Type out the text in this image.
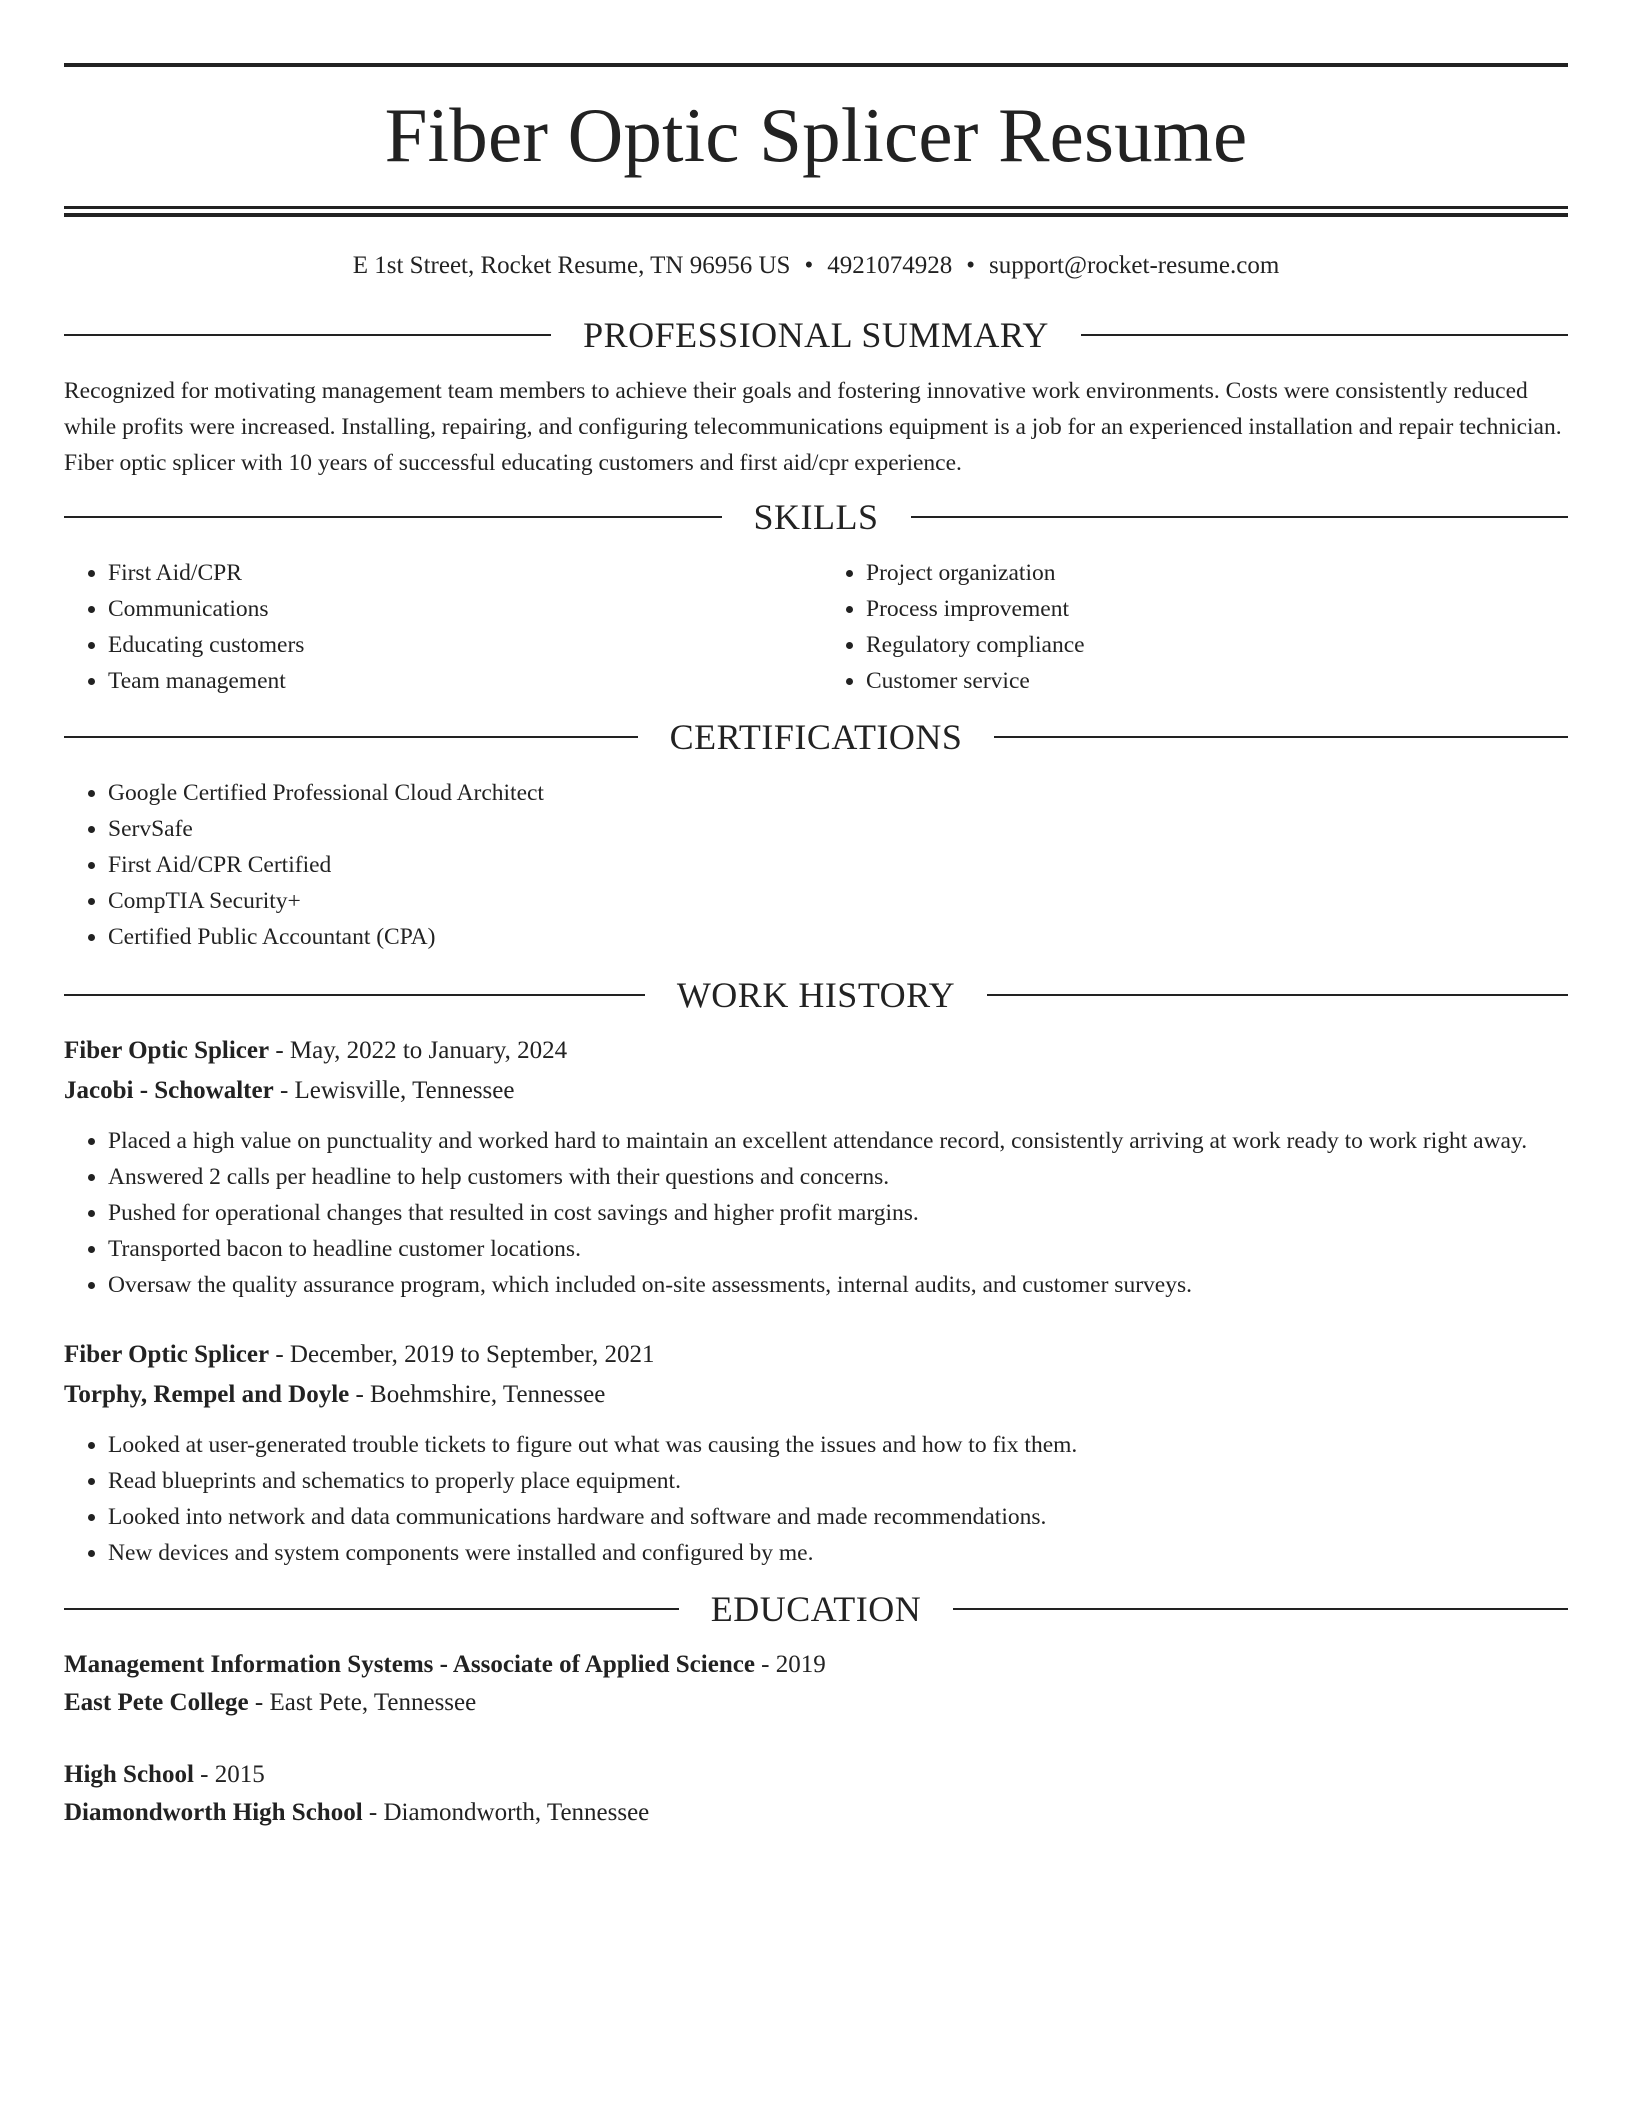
Fiber Optic Splicer Resume
E 1st Street, Rocket Resume, TN 96956 US • 4921074928 • support@rocket-resume.com
PROFESSIONAL SUMMARY

Recognized for motivating management team members to achieve their goals and fostering innovative work environments. Costs were consistently reduced while profits were increased. Installing, repairing, and configuring telecommunications equipment is a job for an experienced installation and repair technician. Fiber optic splicer with 10 years of successful educating customers and first aid/cpr experience.

SKILLS
• First Aid/CPR
• Communications
• Educating customers
• Team management
• Project organization
• Process improvement
• Regulatory compliance
• Customer service
CERTIFICATIONS
• Google Certified Professional Cloud Architect
• ServSafe
• First Aid/CPR Certified
• CompTIA Security+
• Certified Public Accountant (CPA)
WORK HISTORY
Fiber Optic Splicer - May, 2022 to January, 2024
Jacobi - Schowalter - Lewisville, Tennessee
• Placed a high value on punctuality and worked hard to maintain an excellent attendance record, consistently arriving at work ready to work right away.
• Answered 2 calls per headline to help customers with their questions and concerns.
• Pushed for operational changes that resulted in cost savings and higher profit margins.
• Transported bacon to headline customer locations.
• Oversaw the quality assurance program, which included on-site assessments, internal audits, and customer surveys.
Fiber Optic Splicer - December, 2019 to September, 2021
Torphy, Rempel and Doyle - Boehmshire, Tennessee
• Looked at user-generated trouble tickets to figure out what was causing the issues and how to fix them.
• Read blueprints and schematics to properly place equipment.
• Looked into network and data communications hardware and software and made recommendations.
• New devices and system components were installed and configured by me.
EDUCATION
Management Information Systems - Associate of Applied Science - 2019
East Pete College - East Pete, Tennessee
High School - 2015
Diamondworth High School - Diamondworth, Tennessee
